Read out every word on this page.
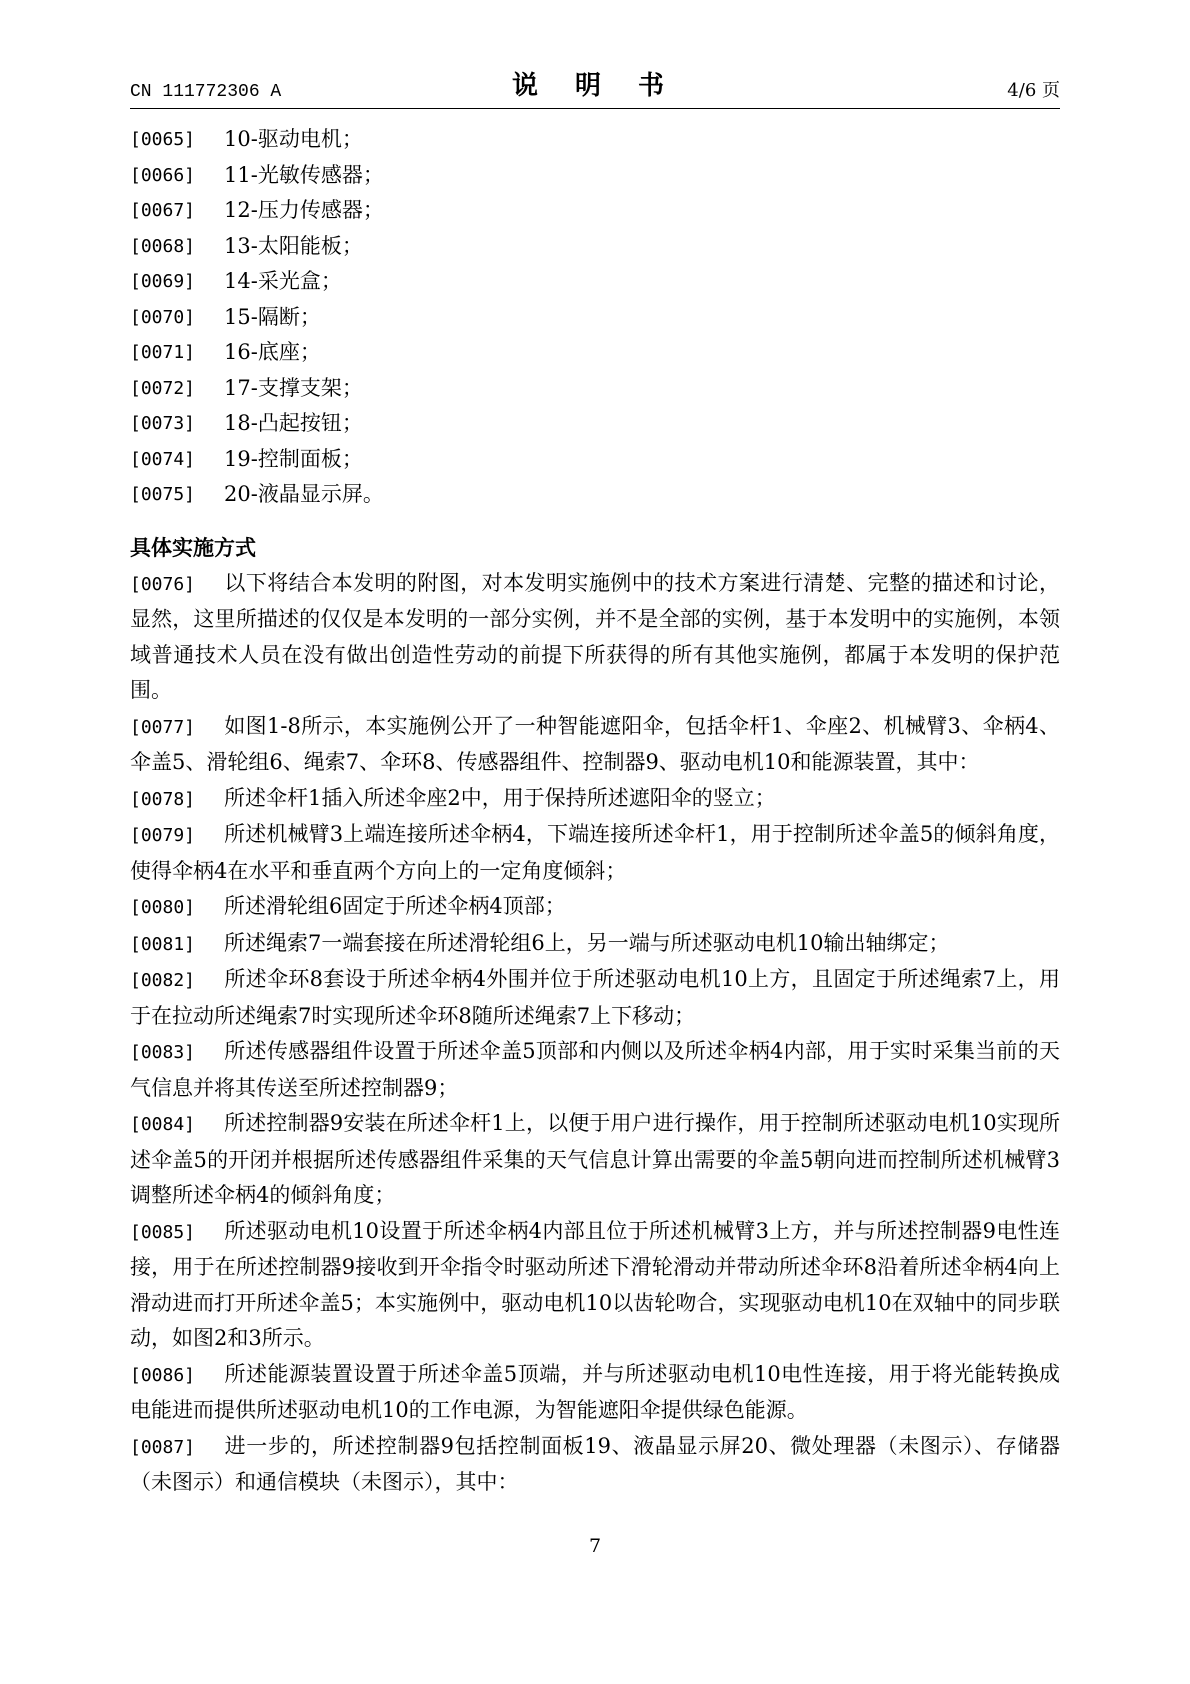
CN 111772306 A	说 明 书	4/6 页
[0065]	10-驱动电机；
[0066]	11-光敏传感器；
[0067]	12-压力传感器；
[0068]	13-太阳能板；
[0069]	14-采光盒；
[0070]	15-隔断；
[0071]	16-底座；
[0072]	17-支撑支架；
[0073]	18-凸起按钮；
[0074]	19-控制面板；
[0075]	20-液晶显示屏。
具体实施方式

[0076] 以下将结合本发明的附图，对本发明实施例中的技术方案进行清楚、完整的描述和讨论，显然，这里所描述的仅仅是本发明的一部分实例，并不是全部的实例，基于本发明中的实施例，本领域普通技术人员在没有做出创造性劳动的前提下所获得的所有其他实施例，都属于本发明的保护范围。

[0077] 如图1-8所示，本实施例公开了一种智能遮阳伞，包括伞杆1、伞座2、机械臂3、伞柄4、伞盖5、滑轮组6、绳索7、伞环8、传感器组件、控制器9、驱动电机10和能源装置，其中：

[0078] 所述伞杆1插入所述伞座2中，用于保持所述遮阳伞的竖立；

[0079] 所述机械臂3上端连接所述伞柄4，下端连接所述伞杆1，用于控制所述伞盖5的倾斜角度，使得伞柄4在水平和垂直两个方向上的一定角度倾斜；

[0080] 所述滑轮组6固定于所述伞柄4顶部；

[0081] 所述绳索7一端套接在所述滑轮组6上，另一端与所述驱动电机10输出轴绑定；

[0082] 所述伞环8套设于所述伞柄4外围并位于所述驱动电机10上方，且固定于所述绳索7上，用于在拉动所述绳索7时实现所述伞环8随所述绳索7上下移动；

[0083] 所述传感器组件设置于所述伞盖5顶部和内侧以及所述伞柄4内部，用于实时采集当前的天气信息并将其传送至所述控制器9；

[0084] 所述控制器9安装在所述伞杆1上，以便于用户进行操作，用于控制所述驱动电机10实现所述伞盖5的开闭并根据所述传感器组件采集的天气信息计算出需要的伞盖5朝向进而控制所述机械臂3调整所述伞柄4的倾斜角度；

[0085] 所述驱动电机10设置于所述伞柄4内部且位于所述机械臂3上方，并与所述控制器9电性连接，用于在所述控制器9接收到开伞指令时驱动所述下滑轮滑动并带动所述伞环8沿着所述伞柄4向上滑动进而打开所述伞盖5；本实施例中，驱动电机10以齿轮吻合，实现驱动电机10在双轴中的同步联动，如图2和3所示。

[0086] 所述能源装置设置于所述伞盖5顶端，并与所述驱动电机10电性连接，用于将光能转换成电能进而提供所述驱动电机10的工作电源，为智能遮阳伞提供绿色能源。

[0087] 进一步的，所述控制器9包括控制面板19、液晶显示屏20、微处理器（未图示）、存储器（未图示）和通信模块（未图示），其中：

7
